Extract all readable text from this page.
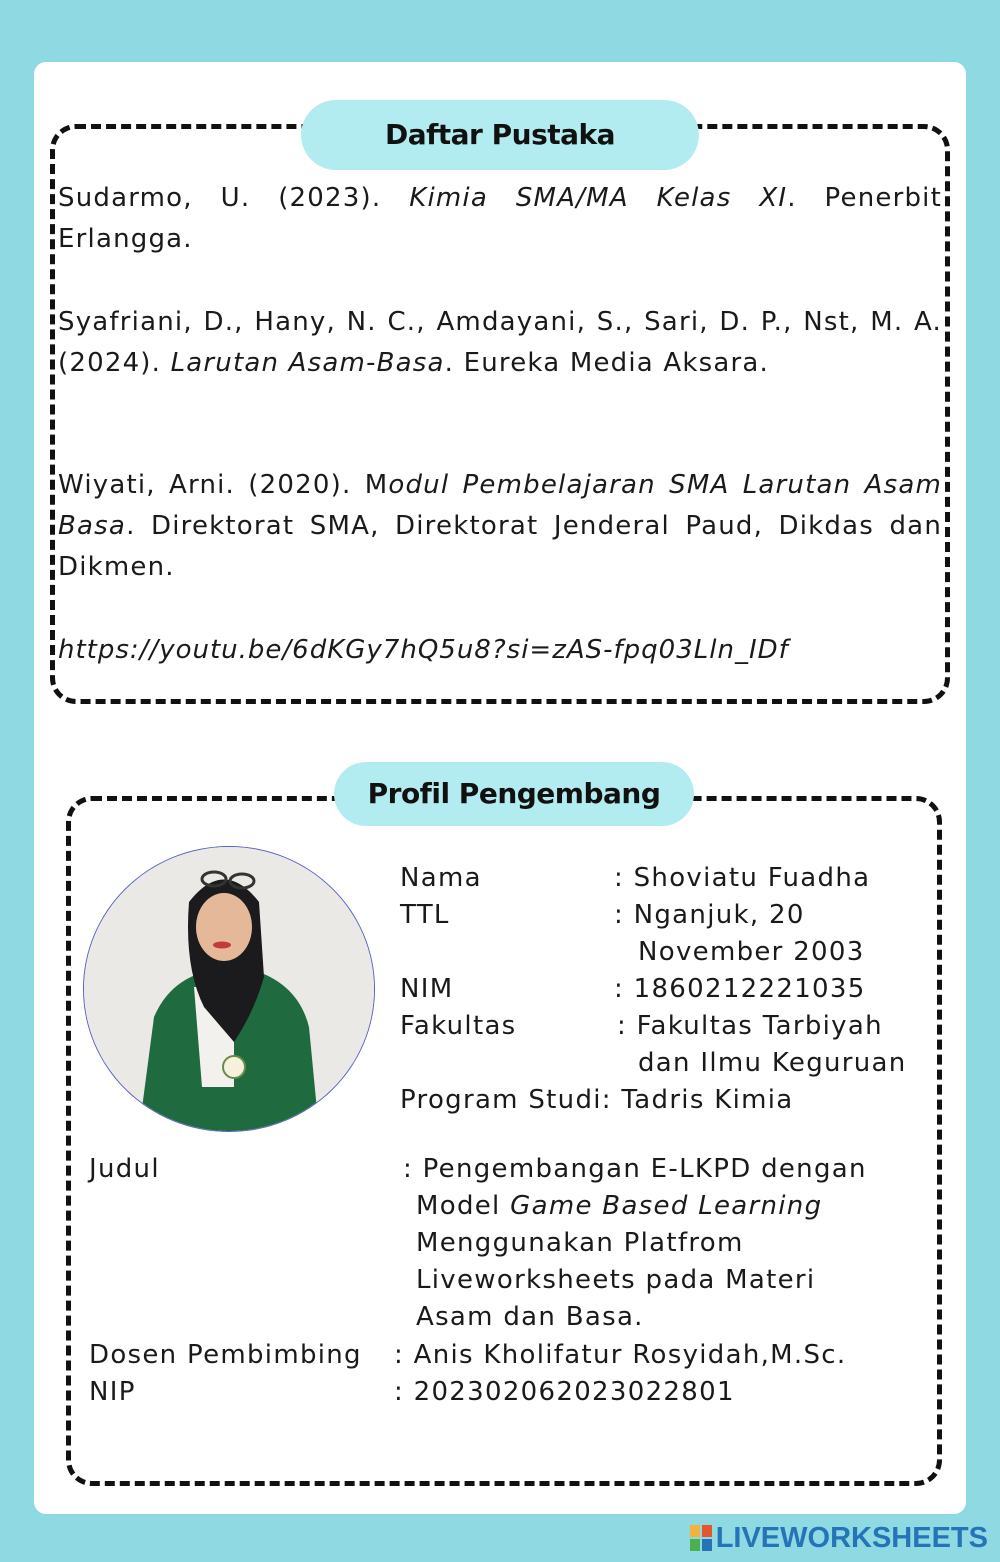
Daftar Pustaka

Sudarmo, U. (2023). Kimia SMA/MA Kelas XI. Penerbit Erlangga.

Syafriani, D., Hany, N. C., Amdayani, S., Sari, D. P., Nst, M. A. (2024). Larutan Asam-Basa. Eureka Media Aksara.

Wiyati, Arni. (2020). Modul Pembelajaran SMA Larutan Asam Basa. Direktorat SMA, Direktorat Jenderal Paud, Dikdas dan Dikmen.

https://youtu.be/6dKGy7hQ5u8?si=zAS-fpq03Lln_IDf

Profil Pengembang
Nama	: Shoviatu Fuadha
TTL	: Nganjuk, 20
November 2003
NIM	: 1860212221035
Fakultas	: Fakultas Tarbiyah
dan Ilmu Keguruan
Program Studi: Tadris Kimia
Judul	: Pengembangan E-LKPD dengan
Model Game Based Learning
Menggunakan Platfrom
Liveworksheets pada Materi
Asam dan Basa.
Dosen Pembimbing : Anis Kholifatur Rosyidah,M.Sc.
NIP	: 202302062023022801
LIVEWORKSHEETS
